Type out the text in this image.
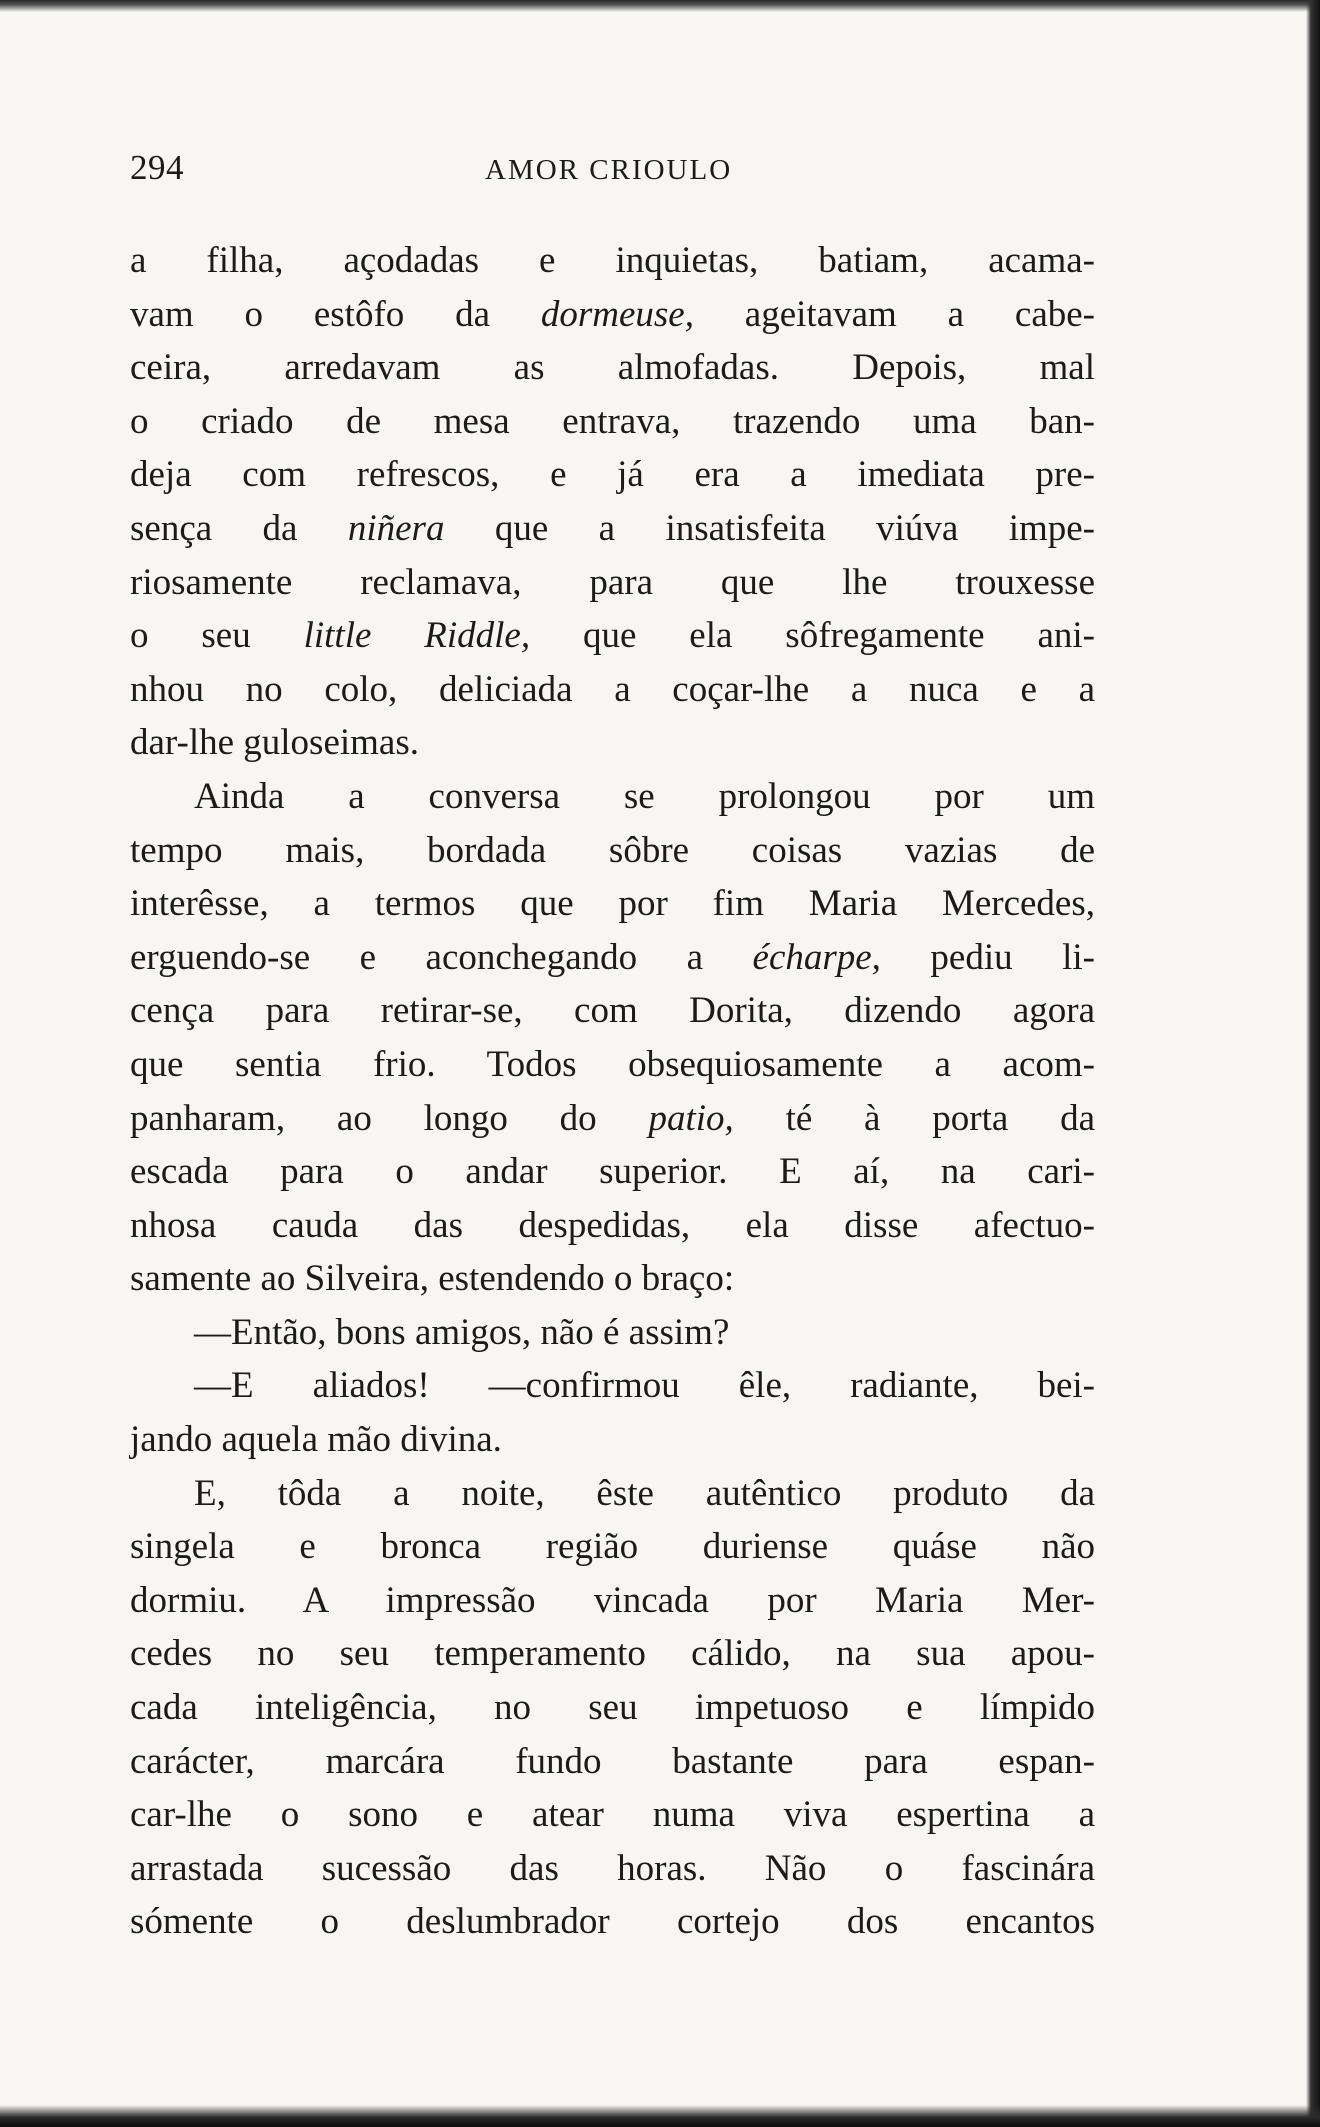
294	AMOR CRIOULO
a filha, açodadas e inquietas, batiam, acama-
vam o estôfo da dormeuse, ageitavam a cabe-
ceira, arredavam as almofadas. Depois, mal
o criado de mesa entrava, trazendo uma ban-
deja com refrescos, e já era a imediata pre-
sença da niñera que a insatisfeita viúva impe-
riosamente reclamava, para que lhe trouxesse
o seu little Riddle, que ela sôfregamente ani-
nhou no colo, deliciada a coçar-lhe a nuca e a
dar-lhe guloseimas.
Ainda a conversa se prolongou por um
tempo mais, bordada sôbre coisas vazias de
interêsse, a termos que por fim Maria Mercedes,
erguendo-se e aconchegando a écharpe, pediu li-
cença para retirar-se, com Dorita, dizendo agora
que sentia frio. Todos obsequiosamente a acom-
panharam, ao longo do patio, té à porta da
escada para o andar superior. E aí, na cari-
nhosa cauda das despedidas, ela disse afectuo-
samente ao Silveira, estendendo o braço:
—Então, bons amigos, não é assim?
—E aliados! —confirmou êle, radiante, bei-
jando aquela mão divina.
E, tôda a noite, êste autêntico produto da
singela e bronca região duriense quáse não
dormiu. A impressão vincada por Maria Mer-
cedes no seu temperamento cálido, na sua apou-
cada inteligência, no seu impetuoso e límpido
carácter, marcára fundo bastante para espan-
car-lhe o sono e atear numa viva espertina a
arrastada sucessão das horas. Não o fascinára
sómente o deslumbrador cortejo dos encantos
